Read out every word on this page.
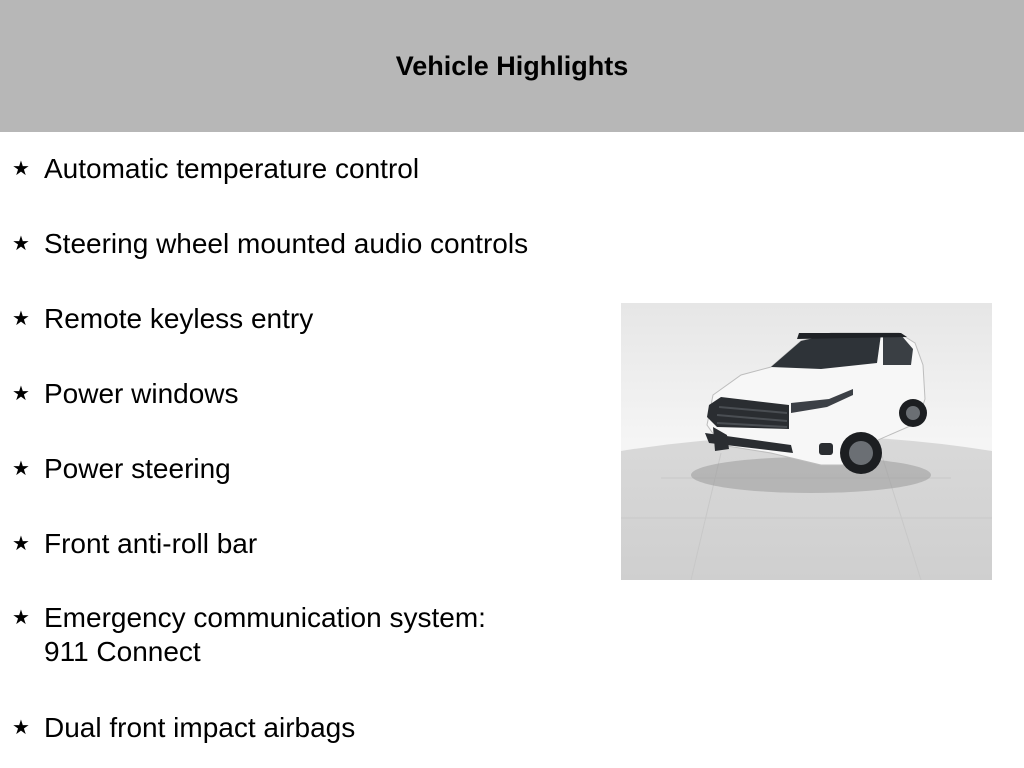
Vehicle Highlights
★ Automatic temperature control
★ Steering wheel mounted audio controls
★ Remote keyless entry
★ Power windows
★ Power steering
★ Front anti-roll bar
★ Emergency communication system:
911 Connect
★ Dual front impact airbags
